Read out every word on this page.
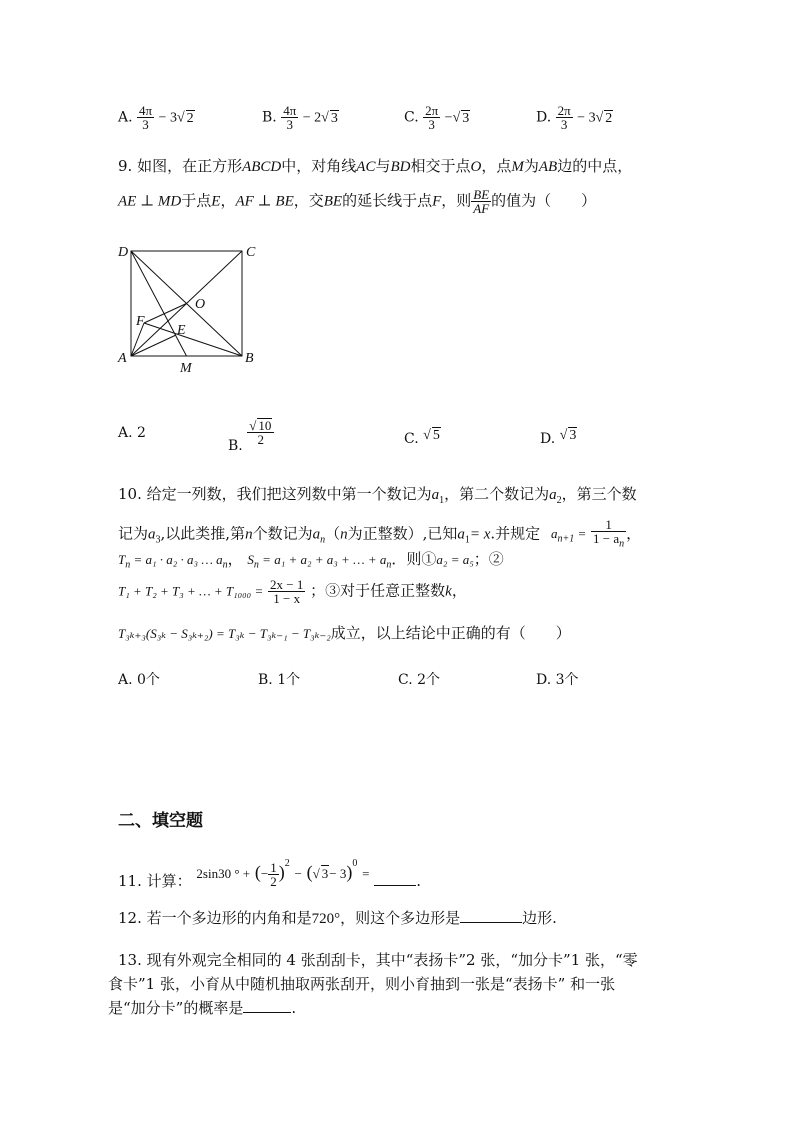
A. $\frac{4\pi}{3} - 3√$ 2	B. $\frac{4\pi}{3} - 2√$ 3	C. $\frac{2\pi}{3}$ −√ 3	D. $\frac{2\pi}{3} - 3√$ 2
9. 如图，在正方形ABCD中，对角线AC与BD相交于点O，点M为AB边的中点，
AE ⊥ MD于点E，AF ⊥ BE，交BE的延长线于点F，则 $\frac{BE}{AF}$ 的值为（　　）
D	C
A	B
O
F
E
M
A. 2
B. $\frac{√ 10}{2}$	C. √ 5	D. √ 3
10. 给定一列数，我们把这列数中第一个数记为$a_1$，第二个数记为$a_2$，第三个数
记为$a_3$,以此类推,第n个数记为$a_n(n$为正整数）,已知$a_1= x$.并规定 $a_{n+1} = \frac{1}{1 - a_n}$ ，
$T_n = a_1 \cdot a_2 \cdot a_3$ … $a_n$， $S_n = a_1 + a_2 + a_3$ + … + $a_n$．则①a₂ = a₅；②
T₁ + T₂ + T₃ + … + $T_{1000} = \frac{2x - 1}{1 - x}$ ；③对于任意正整数k，
T₃ₖ₊₃(S₃ₖ − S₃ₖ₊₂) = T₃ₖ − T₃ₖ₋₁ − T₃ₖ₋₂成立，以上结论中正确的有（　　）
A. 0个	B. 1个	C. 2个	D. 3个
二、填空题
11. 计算： 2sin30 ° + (− $\frac{1}{2} )^2$ − (√ 3− 3)$^0$ =	.
12. 若一个多边形的内角和是720°，则这个多边形是	边形.
13. 现有外观完全相同的 4 张刮刮卡，其中“表扬卡”2 张，“加分卡”1 张，“零
食卡”1 张，小育从中随机抽取两张刮开，则小育抽到一张是“表扬卡” 和一张
是“加分卡”的概率是	.
